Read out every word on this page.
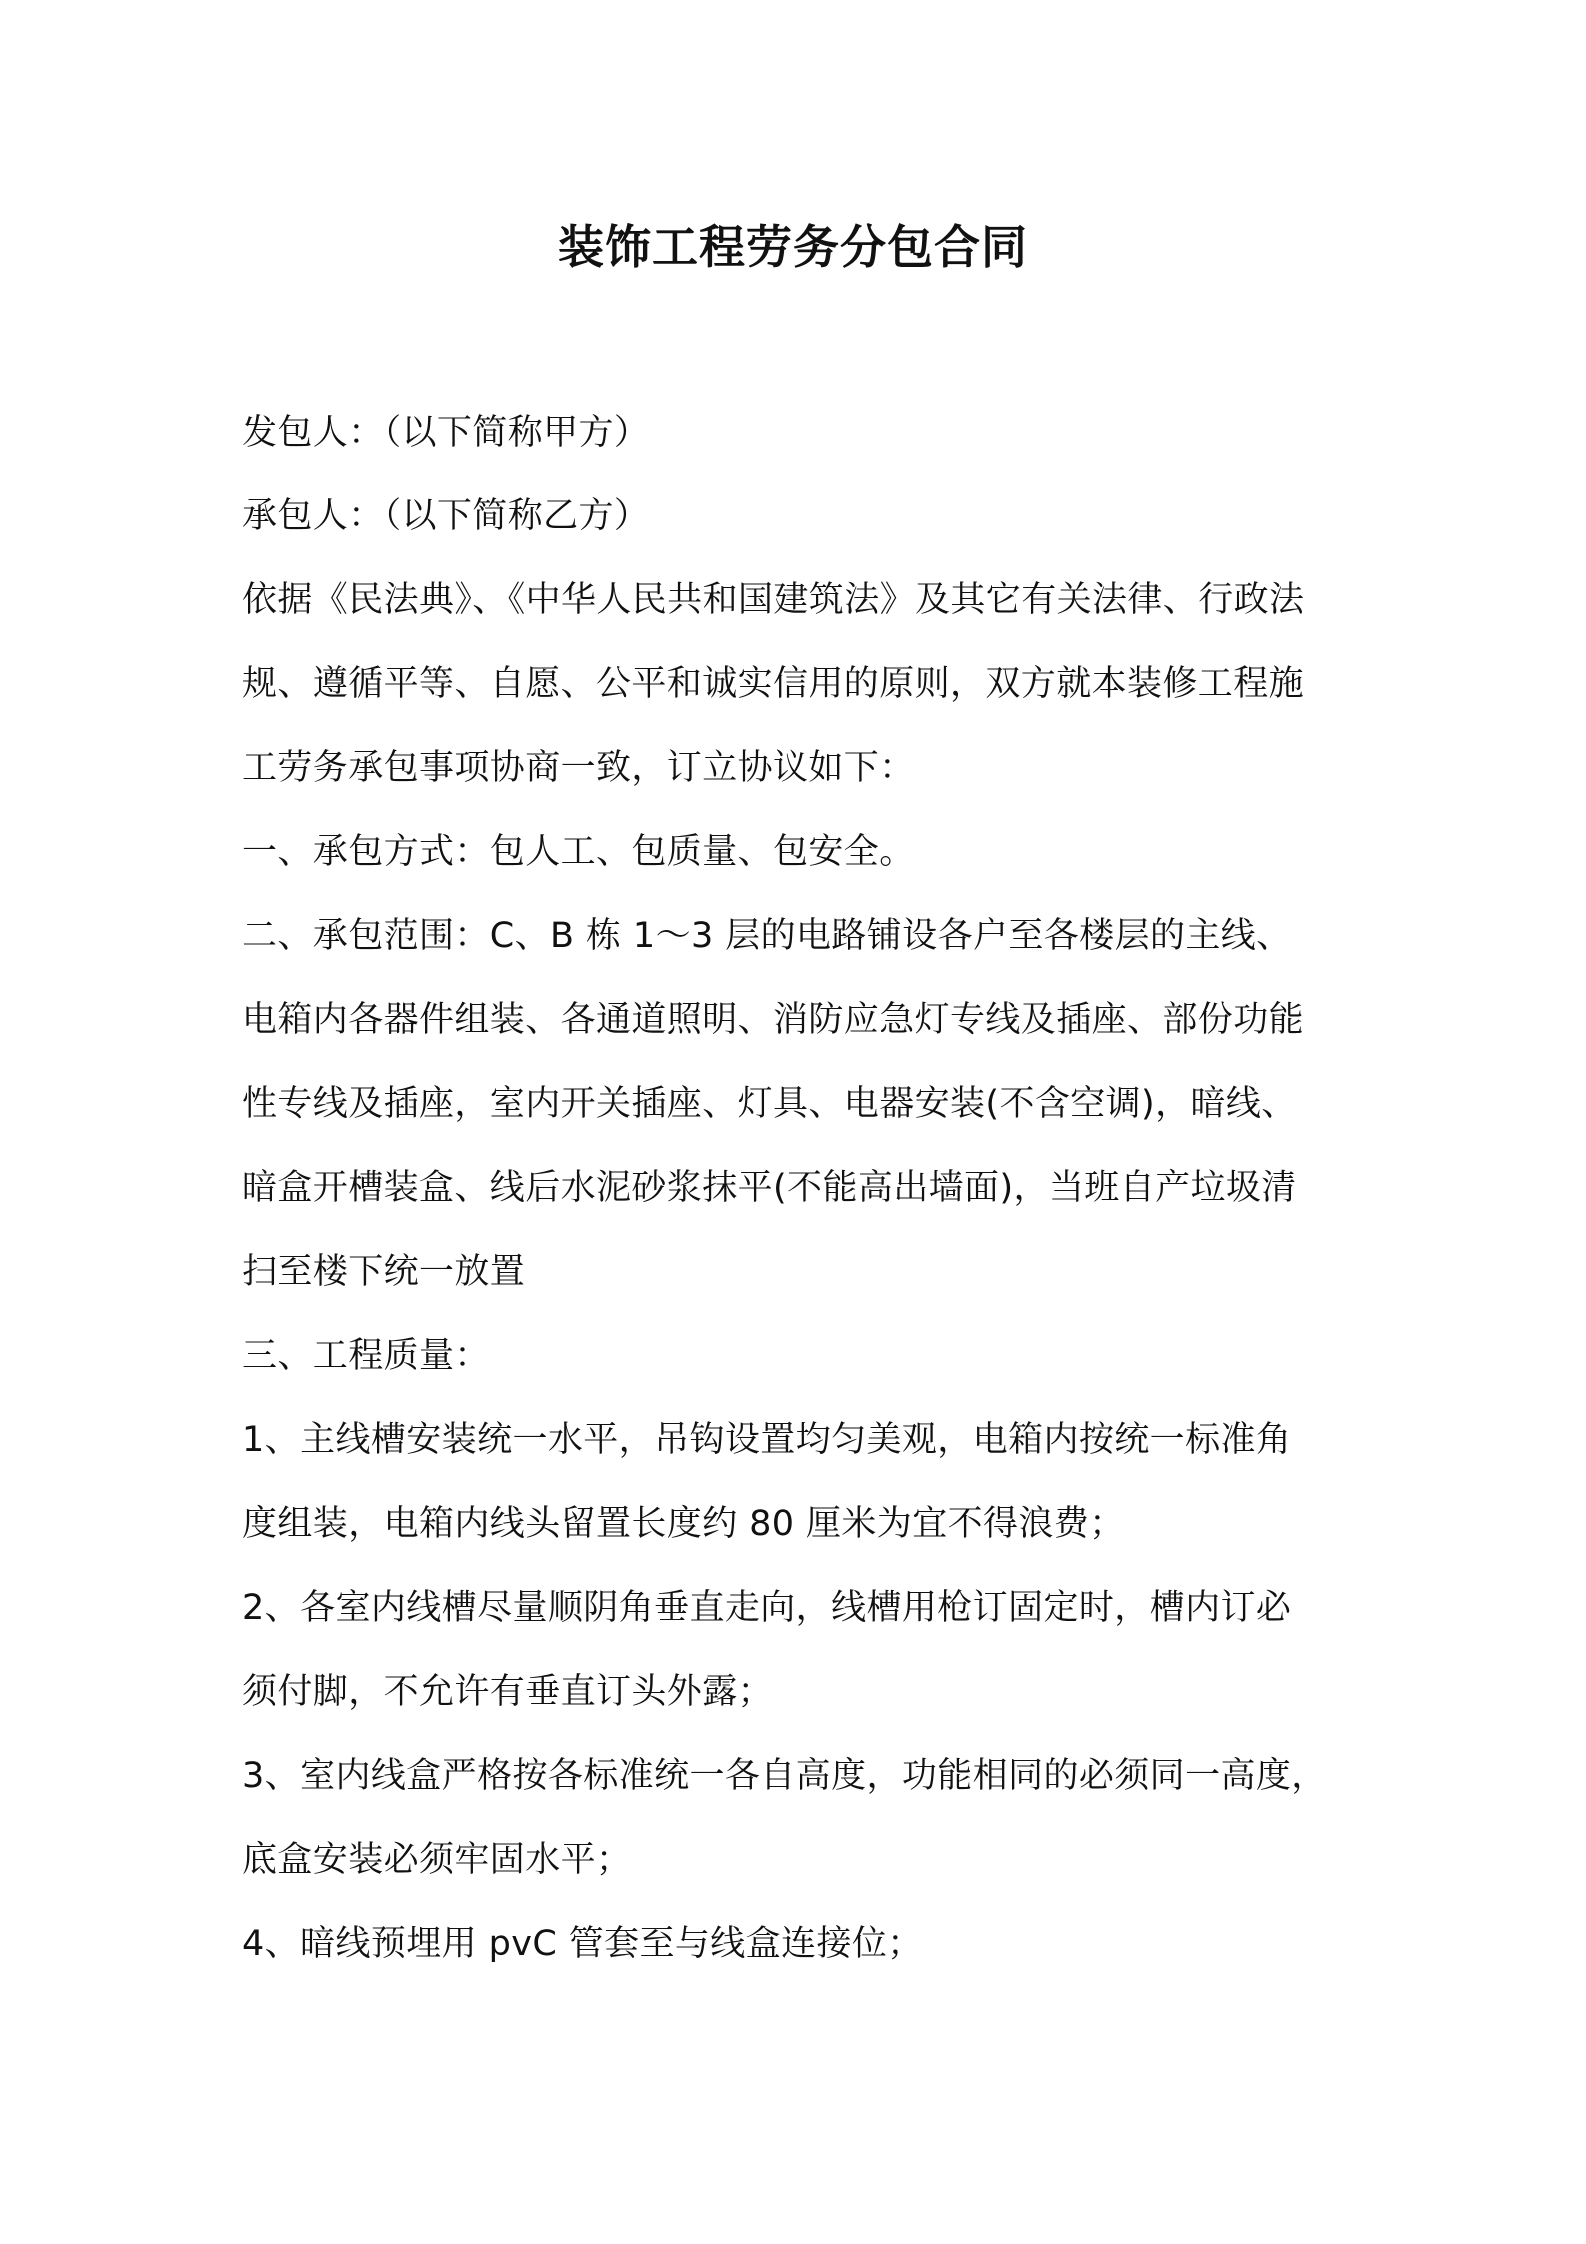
装饰工程劳务分包合同
发包人：（以下简称甲方）
承包人：（以下简称乙方）
依据《民法典》、《中华人民共和国建筑法》及其它有关法律、行政法
规、遵循平等、自愿、公平和诚实信用的原则，双方就本装修工程施
工劳务承包事项协商一致，订立协议如下：
一、承包方式：包人工、包质量、包安全。
二、承包范围：C、B 栋 1～3 层的电路铺设各户至各楼层的主线、
电箱内各器件组装、各通道照明、消防应急灯专线及插座、部份功能
性专线及插座，室内开关插座、灯具、电器安装(不含空调)，暗线、
暗盒开槽装盒、线后水泥砂浆抹平(不能高出墙面)，当班自产垃圾清
扫至楼下统一放置
三、工程质量：
1、主线槽安装统一水平，吊钩设置均匀美观，电箱内按统一标准角
度组装，电箱内线头留置长度约 80 厘米为宜不得浪费；
2、各室内线槽尽量顺阴角垂直走向，线槽用枪订固定时，槽内订必
须付脚，不允许有垂直订头外露；
3、室内线盒严格按各标准统一各自高度，功能相同的必须同一高度，
底盒安装必须牢固水平；
4、暗线预埋用 pvC 管套至与线盒连接位；
